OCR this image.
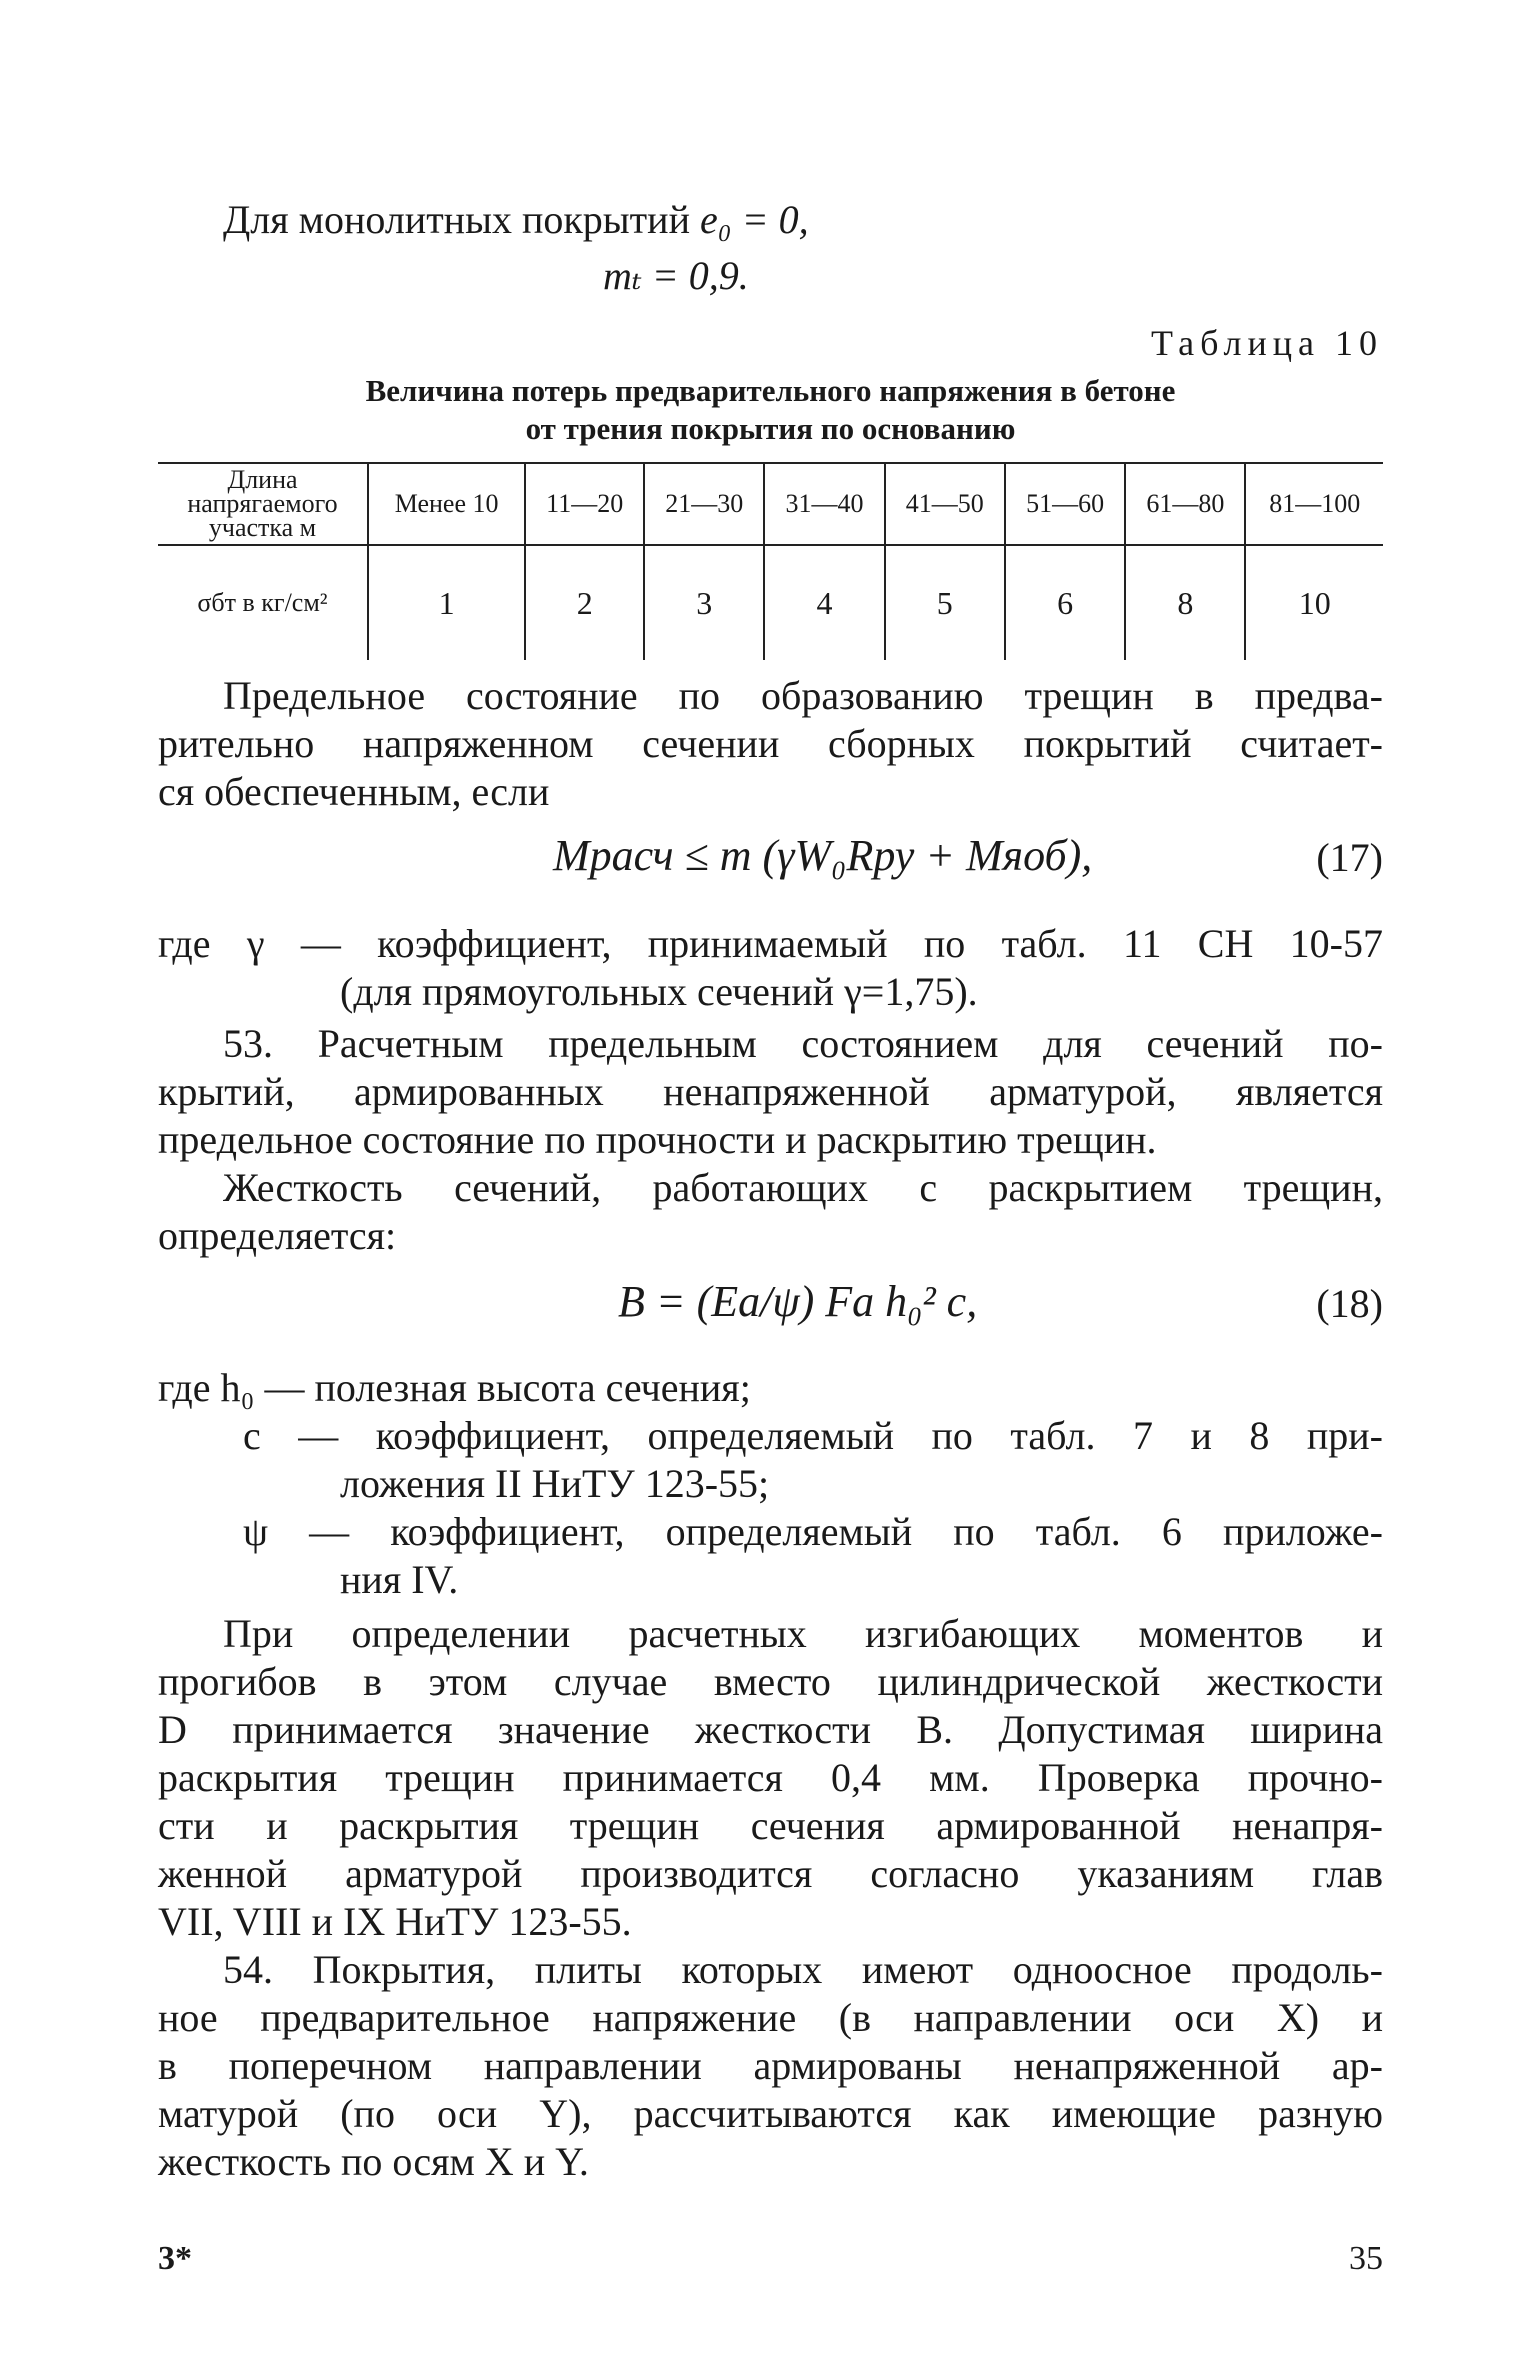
Для монолитных покрытий e₀ = 0,
mₜ = 0,9.
Таблица 10
Величина потерь предварительного напряжения в бетоне
от трения покрытия по основанию
Длина напрягаемого участка м	Менее 10	11—20	21—30	31—40	41—50	51—60	61—80	81—100
σбт в кг/см²	1	2	3	4	5	6	8	10
Предельное состояние по образованию трещин в предва-
рительно напряженном сечении сборных покрытий считает-
ся обеспеченным, если
Mрасч ≤ m (γW₀Rру + Mяоб),	(17)
где γ — коэффициент, принимаемый по табл. 11 СН 10-57
(для прямоугольных сечений γ=1,75).
53. Расчетным предельным состоянием для сечений по-
крытий, армированных ненапряженной арматурой, является
предельное состояние по прочности и раскрытию трещин.
Жесткость сечений, работающих с раскрытием трещин,
определяется:
B = (Eа/ψ) Fа h₀² c,	(18)
где h₀ — полезная высота сечения;
c — коэффициент, определяемый по табл. 7 и 8 при-
ложения II НиТУ 123-55;
ψ — коэффициент, определяемый по табл. 6 приложе-
ния IV.
При определении расчетных изгибающих моментов и
прогибов в этом случае вместо цилиндрической жесткости
D принимается значение жесткости B. Допустимая ширина
раскрытия трещин принимается 0,4 мм. Проверка прочно-
сти и раскрытия трещин сечения армированной ненапря-
женной арматурой производится согласно указаниям глав
VII, VIII и IX НиТУ 123-55.
54. Покрытия, плиты которых имеют одноосное продоль-
ное предварительное напряжение (в направлении оси X) и
в поперечном направлении армированы ненапряженной ар-
матурой (по оси Y), рассчитываются как имеющие разную
жесткость по осям X и Y.
3*	35
